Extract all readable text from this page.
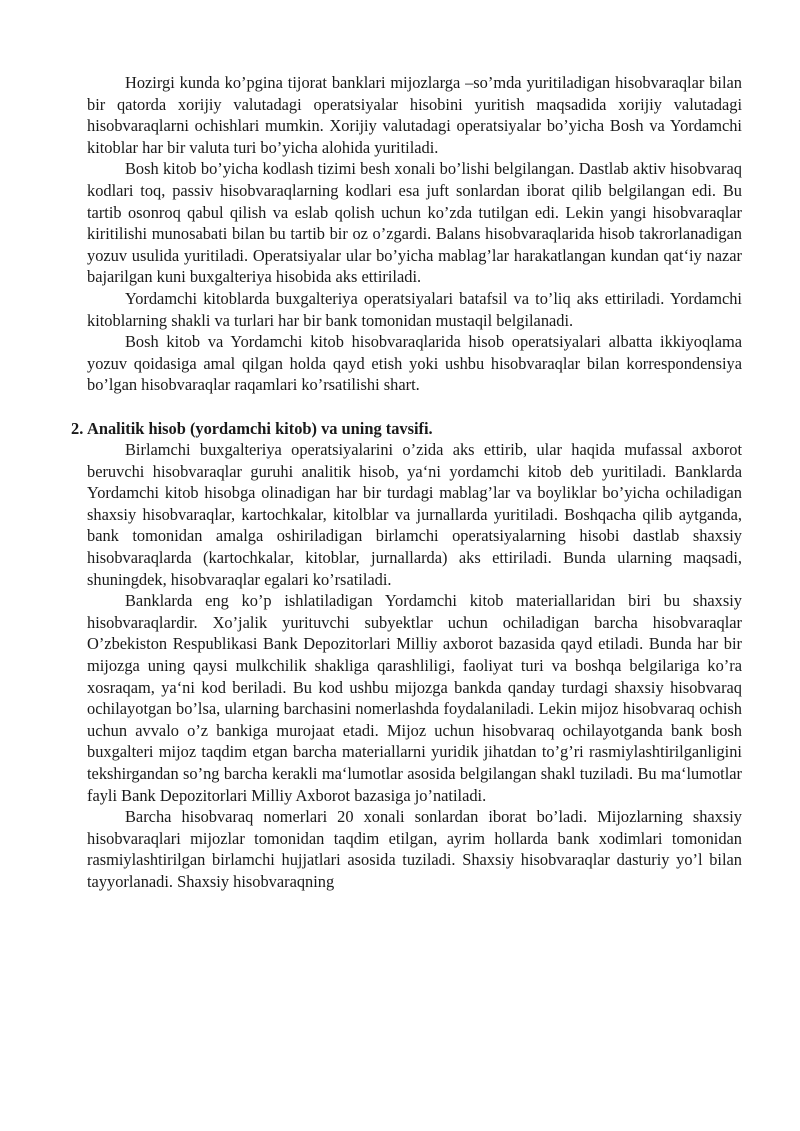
Hozirgi kunda ko’pgina tijorat banklari mijozlarga –so’mda yuritiladigan hisobvaraqlar bilan bir qatorda xorijiy valutadagi operatsiyalar hisobini yuritish maqsadida xorijiy valutadagi hisobvaraqlarni ochishlari mumkin. Xorijiy valutadagi operatsiyalar bo’yicha Bosh va Yordamchi kitoblar har bir valuta turi bo’yicha alohida yuritiladi.

Bosh kitob bo’yicha kodlash tizimi besh xonali bo’lishi belgilangan. Dastlab aktiv hisobvaraq kodlari toq, passiv hisobvaraqlarning kodlari esa juft sonlardan iborat qilib belgilangan edi. Bu tartib osonroq qabul qilish va eslab qolish uchun ko’zda tutilgan edi. Lekin yangi hisobvaraqlar kiritilishi munosabati bilan bu tartib bir oz o’zgardi. Balans hisobvaraqlarida hisob takrorlanadigan yozuv usulida yuritiladi. Operatsiyalar ular bo’yicha mablag’lar harakatlangan kundan qat‘iy nazar bajarilgan kuni buxgalteriya hisobida aks ettiriladi.

Yordamchi kitoblarda buxgalteriya operatsiyalari batafsil va to’liq aks ettiriladi. Yordamchi kitoblarning shakli va turlari har bir bank tomonidan mustaqil belgilanadi.

Bosh kitob va Yordamchi kitob hisobvaraqlarida hisob operatsiyalari albatta ikkiyoqlama yozuv qoidasiga amal qilgan holda qayd etish yoki ushbu hisobvaraqlar bilan korrespondensiya bo’lgan hisobvaraqlar raqamlari ko’rsatilishi shart.

2. Analitik hisob (yordamchi kitob) va uning tavsifi.

Birlamchi buxgalteriya operatsiyalarini o’zida aks ettirib, ular haqida mufassal axborot beruvchi hisobvaraqlar guruhi analitik hisob, ya‘ni yordamchi kitob deb yuritiladi. Banklarda Yordamchi kitob hisobga olinadigan har bir turdagi mablag’lar va boyliklar bo’yicha ochiladigan shaxsiy hisobvaraqlar, kartochkalar, kitolblar va jurnallarda yuritiladi. Boshqacha qilib aytganda, bank tomonidan amalga oshiriladigan birlamchi operatsiyalarning hisobi dastlab shaxsiy hisobvaraqlarda (kartochkalar, kitoblar, jurnallarda) aks ettiriladi. Bunda ularning maqsadi, shuningdek, hisobvaraqlar egalari ko’rsatiladi.

Banklarda eng ko’p ishlatiladigan Yordamchi kitob materiallaridan biri bu shaxsiy hisobvaraqlardir. Xo’jalik yurituvchi subyektlar uchun ochiladigan barcha hisobvaraqlar O’zbekiston Respublikasi Bank Depozitorlari Milliy axborot bazasida qayd etiladi. Bunda har bir mijozga uning qaysi mulkchilik shakliga qarashliligi, faoliyat turi va boshqa belgilariga ko’ra xosraqam, ya‘ni kod beriladi. Bu kod ushbu mijozga bankda qanday turdagi shaxsiy hisobvaraq ochilayotgan bo’lsa, ularning barchasini nomerlashda foydalaniladi. Lekin mijoz hisobvaraq ochish uchun avvalo o’z bankiga murojaat etadi. Mijoz uchun hisobvaraq ochilayotganda bank bosh buxgalteri mijoz taqdim etgan barcha materiallarni yuridik jihatdan to’g’ri rasmiylashtirilganligini tekshirgandan so’ng barcha kerakli ma‘lumotlar asosida belgilangan shakl tuziladi. Bu ma‘lumotlar fayli Bank Depozitorlari Milliy Axborot bazasiga jo’natiladi.

Barcha hisobvaraq nomerlari 20 xonali sonlardan iborat bo’ladi. Mijozlarning shaxsiy hisobvaraqlari mijozlar tomonidan taqdim etilgan, ayrim hollarda bank xodimlari tomonidan rasmiylashtirilgan birlamchi hujjatlari asosida tuziladi. Shaxsiy hisobvaraqlar dasturiy yo’l bilan tayyorlanadi. Shaxsiy hisobvaraqning
